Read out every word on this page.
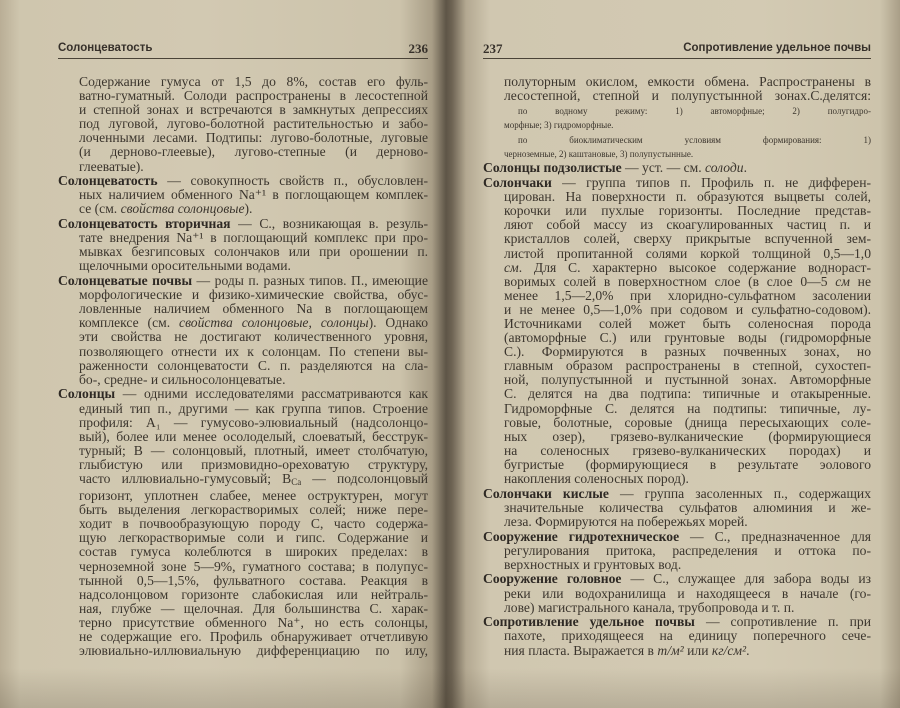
Солонцеватость	236
Содержание гумуса от 1,5 до 8%, состав его фуль-
ватно-гуматный. Солоди распространены в лесостепной
и степной зонах и встречаются в замкнутых депрессиях
под луговой, лугово-болотной растительностью и забо-
лоченными лесами. Подтипы: лугово-болотные, луговые
(и дерново-глеевые), лугово-степные (и дерново-
глееватые).
Солонцеватость — совокупность свойств п., обусловлен-
ных наличием обменного Na⁺¹ в поглощающем комплек-
се (см. свойства солонцовые).
Солонцеватость вторичная — С., возникающая в. резуль-
тате внедрения Na⁺¹ в поглощающий комплекс при про-
мывках безгипсовых солончаков или при орошении п.
щелочными оросительными водами.
Солонцеватые почвы — роды п. разных типов. П., имеющие
морфологические и физико-химические свойства, обус-
ловленные наличием обменного Na в поглощающем
комплексе (см. свойства солонцовые, солонцы). Однако
эти свойства не достигают количественного уровня,
позволяющего отнести их к солонцам. По степени вы-
раженности солонцеватости С. п. разделяются на сла-
бо-, средне- и сильносолонцеватые.
Солонцы — одними исследователями рассматриваются как
единый тип п., другими — как группа типов. Строение
профиля: A₁ — гумусово-элювиальный (надсолонцо-
вый), более или менее осолоделый, слоеватый, бесструк-
турный; B — солонцовый, плотный, имеет столбчатую,
глыбистую или призмовидно-ореховатую структуру,
часто иллювиально-гумусовый; $B_{Ca}$ — подсолонцовый
горизонт, уплотнен слабее, менее оструктурен, могут
быть выделения легкорастворимых солей; ниже пере-
ходит в почвообразующую породу C, часто содержа-
щую легкорастворимые соли и гипс. Содержание и
состав гумуса колеблются в широких пределах: в
черноземной зоне 5—9%, гуматного состава; в полупус-
тынной 0,5—1,5%, фульватного состава. Реакция в
надсолонцовом горизонте слабокислая или нейтраль-
ная, глубже — щелочная. Для большинства С. харак-
терно присутствие обменного Na⁺, но есть солонцы,
не содержащие его. Профиль обнаруживает отчетливую
элювиально-иллювиальную дифференциацию по илу,
237	Сопротивление удельное почвы
полуторным окислом, емкости обмена. Распространены в
лесостепной, степной и полупустынной зонах.С.делятся:
по водному режиму: 1) автоморфные; 2) полугидро-
морфные; 3) гидроморфные.
по биоклиматическим условиям формирования: 1)
черноземные, 2) каштановые, 3) полупустынные.
Солонцы подзолистые — уст. — см. солоди.
Солончаки — группа типов п. Профиль п. не дифферен-
цирован. На поверхности п. образуются выцветы солей,
корочки или пухлые горизонты. Последние представ-
ляют собой массу из скоагулированных частиц п. и
кристаллов солей, сверху прикрытые вспученной зем-
листой пропитанной солями коркой толщиной 0,5—1,0
см. Для С. характерно высокое содержание воднораст-
воримых солей в поверхностном слое (в слое 0—5 см не
менее 1,5—2,0% при хлоридно-сульфатном засолении
и не менее 0,5—1,0% при содовом и сульфатно-содовом).
Источниками солей может быть соленосная порода
(автоморфные С.) или грунтовые воды (гидроморфные
С.). Формируются в разных почвенных зонах, но
главным образом распространены в степной, сухостеп-
ной, полупустынной и пустынной зонах. Автоморфные
С. делятся на два подтипа: типичные и отакыренные.
Гидроморфные С. делятся на подтипы: типичные, лу-
говые, болотные, соровые (днища пересыхающих соле-
ных озер), грязево-вулканические (формирующиеся
на соленосных грязево-вулканических породах) и
бугристые (формирующиеся в результате эолового
накопления соленосных пород).
Солончаки кислые — группа засоленных п., содержащих
значительные количества сульфатов алюминия и же-
леза. Формируются на побережьях морей.
Сооружение гидротехническое — С., предназначенное для
регулирования притока, распределения и оттока по-
верхностных и грунтовых вод.
Сооружение головное — С., служащее для забора воды из
реки или водохранилища и находящееся в начале (го-
лове) магистрального канала, трубопровода и т. п.
Сопротивление удельное почвы — сопротивление п. при
пахоте, приходящееся на единицу поперечного сече-
ния пласта. Выражается в т/м² или кг/см².
